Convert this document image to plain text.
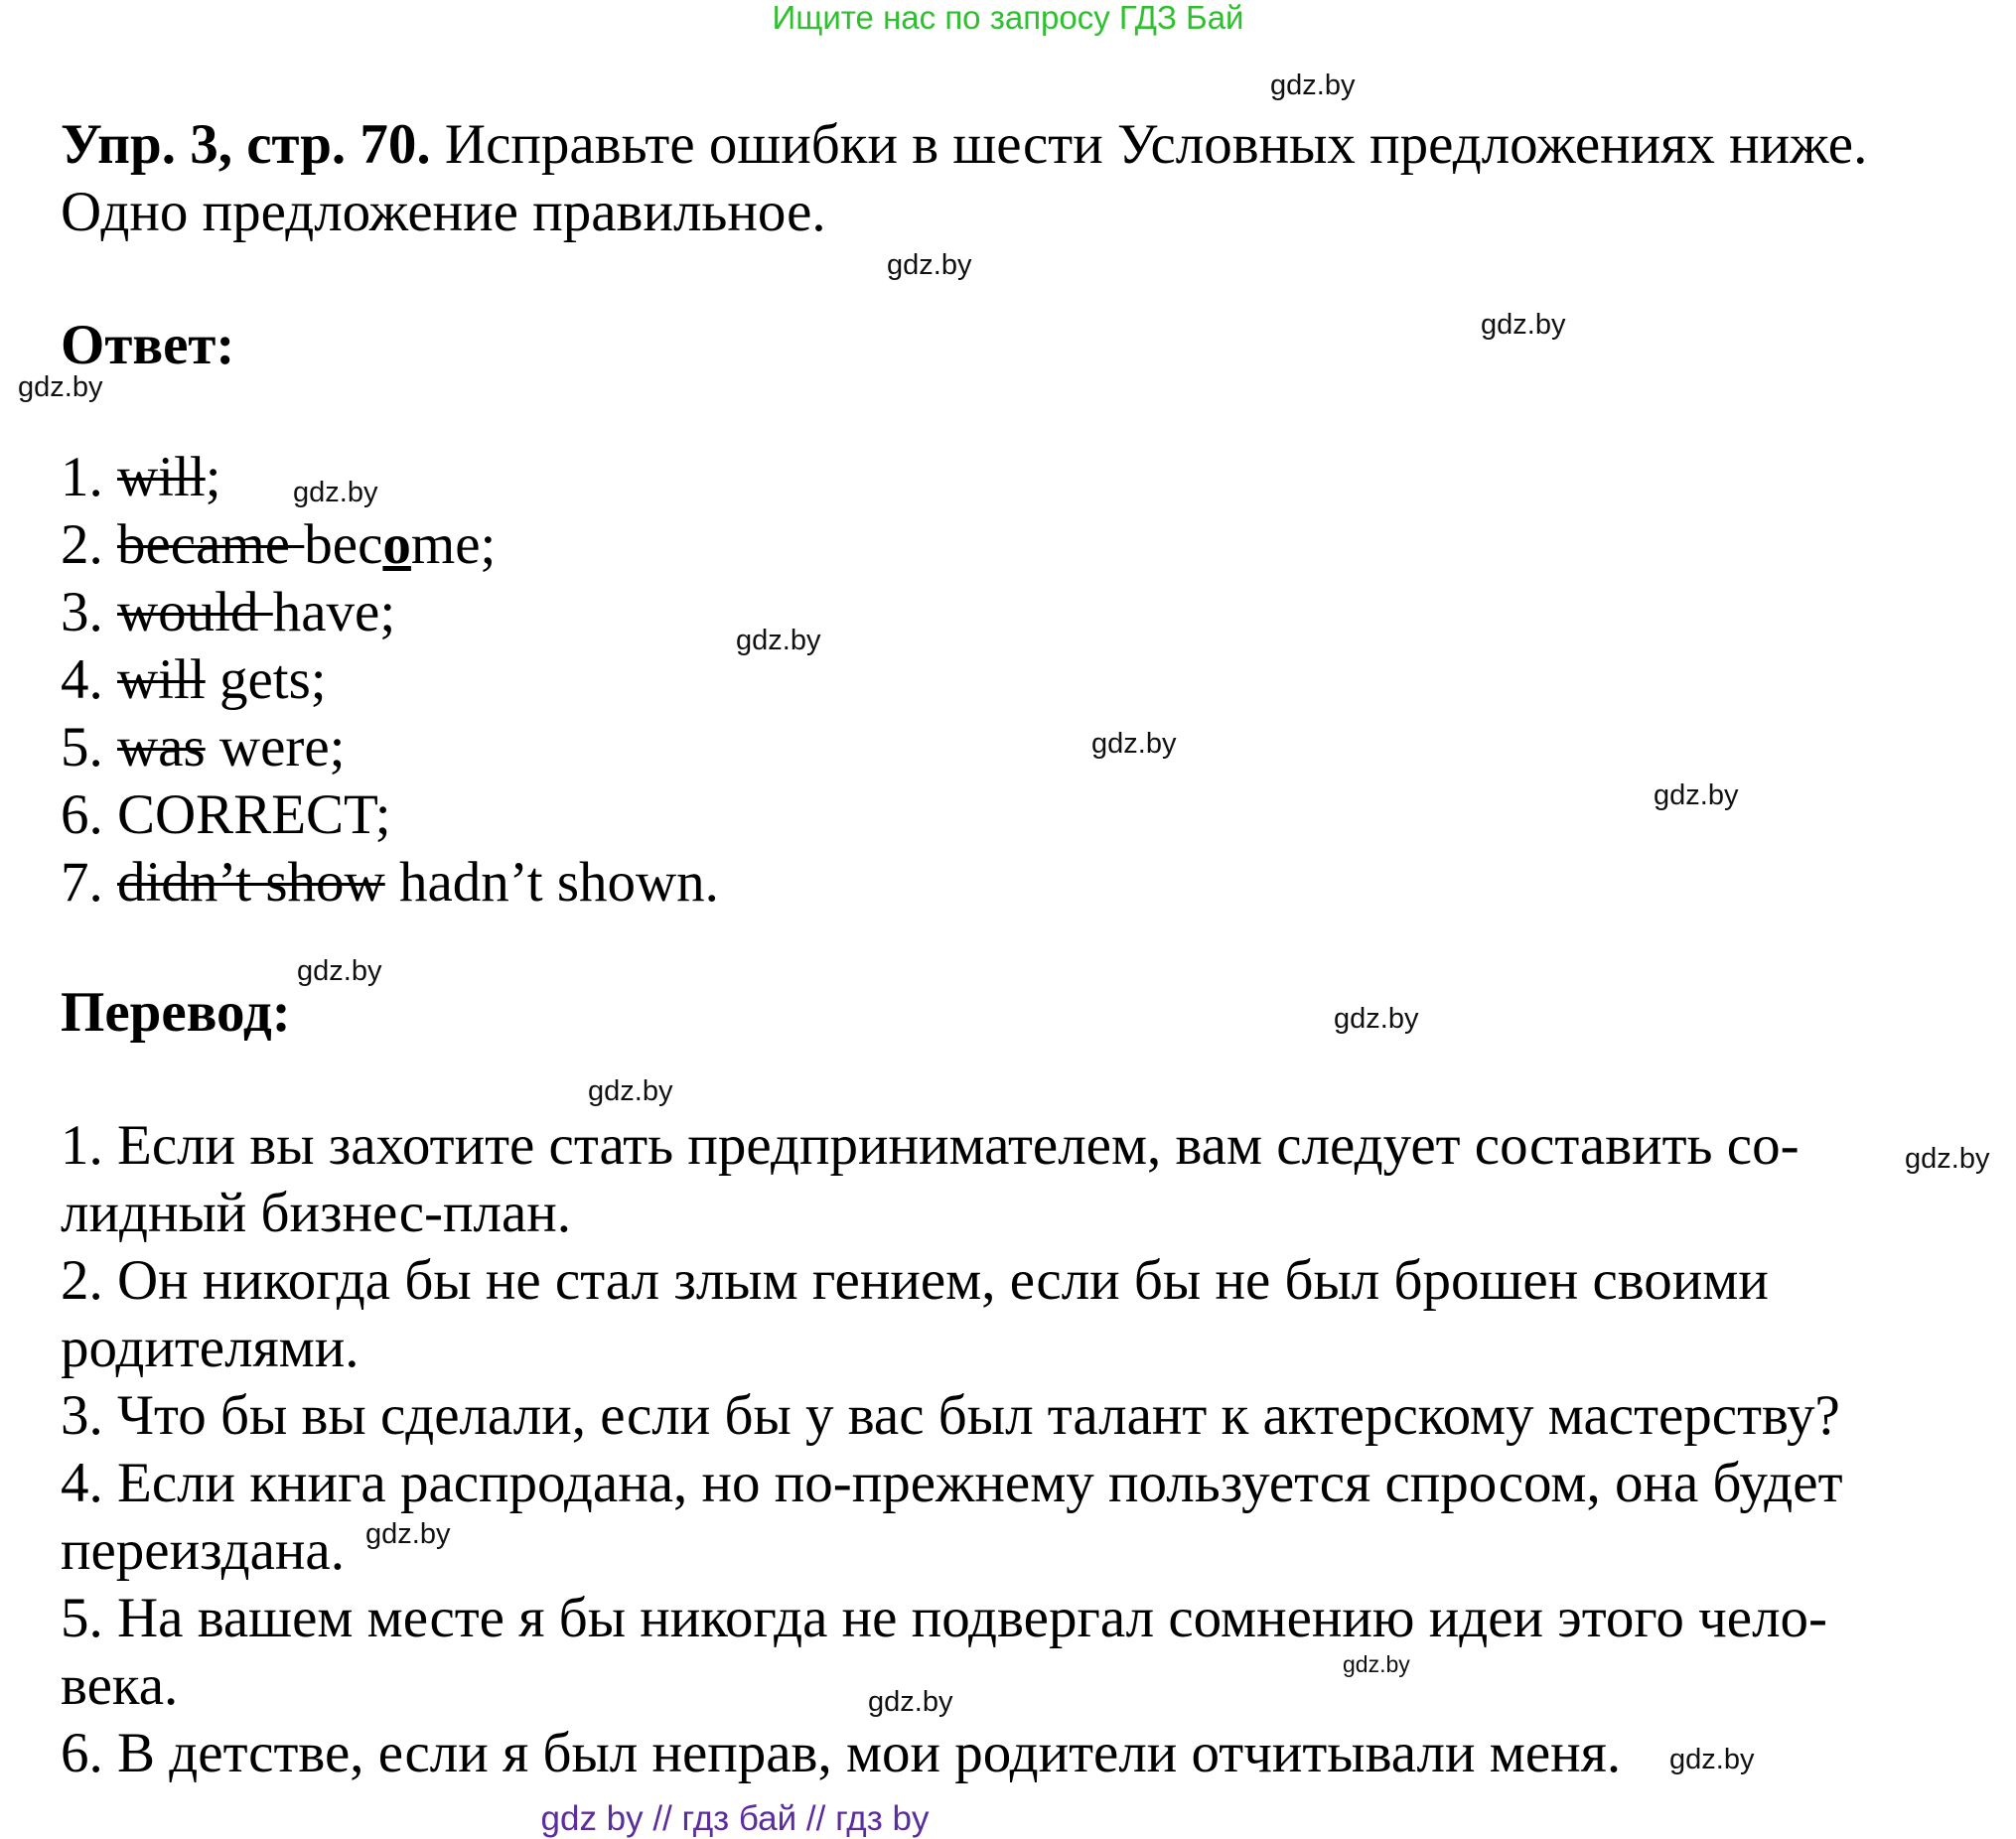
Ищите нас по запросу ГДЗ Бай
Упр. 3, стр. 70. Исправьте ошибки в шести Условных предложениях ниже.
Одно предложение правильное.
Ответ:
1. will;
2. became become;
3. would have;
4. will gets;
5. was were;
6. CORRECT;
7. didn’t show hadn’t shown.
Перевод:
1. Если вы захотите стать предпринимателем, вам следует составить со-
лидный бизнес-план.
2. Он никогда бы не стал злым гением, если бы не был брошен своими
родителями.
3. Что бы вы сделали, если бы у вас был талант к актерскому мастерству?
4. Если книга распродана, но по-прежнему пользуется спросом, она будет
переиздана.
5. На вашем месте я бы никогда не подвергал сомнению идеи этого чело-
века.
6. В детстве, если я был неправ, мои родители отчитывали меня.
gdz by // гдз бай // гдз by
gdz.by
gdz.by
gdz.by
gdz.by
gdz.by
gdz.by
gdz.by
gdz.by
gdz.by
gdz.by
gdz.by
gdz.by
gdz.by
gdz.by
gdz.by
gdz.by
